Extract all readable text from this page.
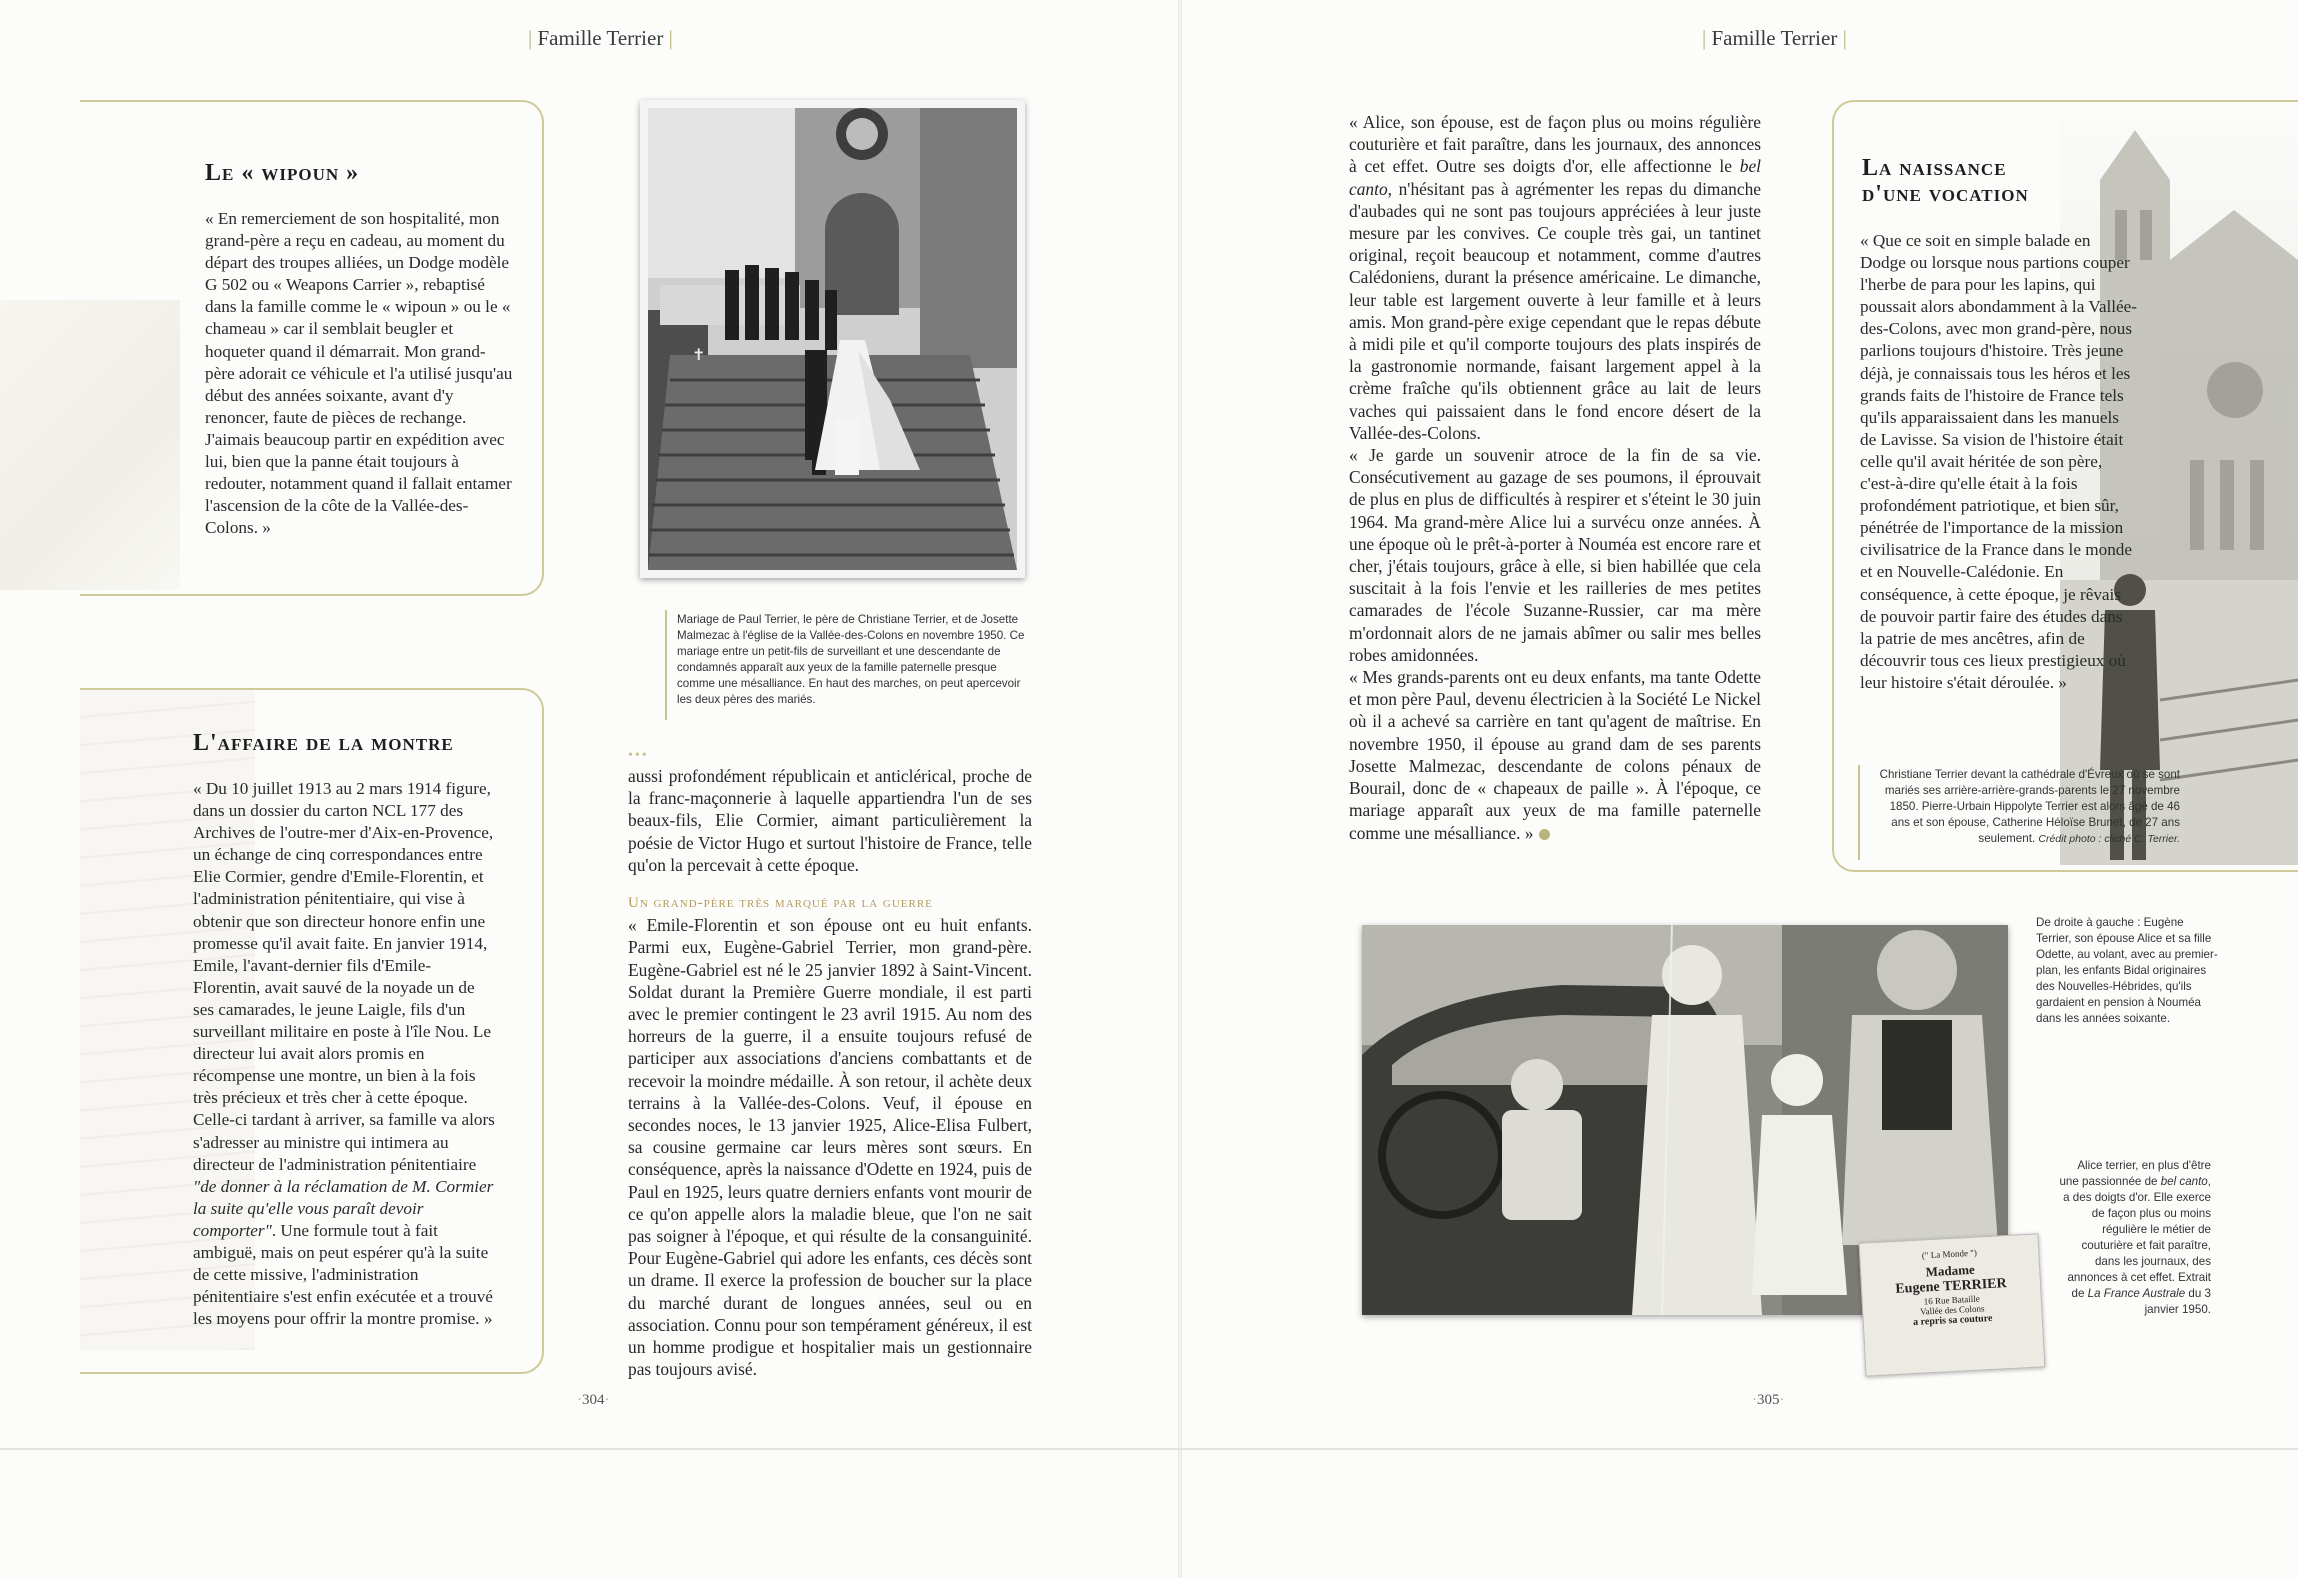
| Famille Terrier |	| Famille Terrier |
Le « wipoun »
« En remerciement de son hospitalité, mon grand-père a reçu en cadeau, au moment du départ des troupes alliées, un Dodge modèle G 502 ou « Weapons Carrier », rebaptisé dans la famille comme le « wipoun » ou le « chameau » car il semblait beugler et hoqueter quand il démarrait. Mon grand-père adorait ce véhicule et l'a utilisé jusqu'au début des années soixante, avant d'y renoncer, faute de pièces de rechange. J'aimais beaucoup partir en expédition avec lui, bien que la panne était toujours à redouter, notamment quand il fallait entamer l'ascension de la côte de la Vallée-des-Colons. »
L'affaire de la montre
« Du 10 juillet 1913 au 2 mars 1914 figure, dans un dossier du carton NCL 177 des Archives de l'outre-mer d'Aix-en-Provence, un échange de cinq correspondances entre Elie Cormier, gendre d'Emile-Florentin, et l'administration pénitentiaire, qui vise à obtenir que son directeur honore enfin une promesse qu'il avait faite. En janvier 1914, Emile, l'avant-dernier fils d'Emile-Florentin, avait sauvé de la noyade un de ses camarades, le jeune Laigle, fils d'un surveillant militaire en poste à l'île Nou. Le directeur lui avait alors promis en récompense une montre, un bien à la fois très précieux et très cher à cette époque. Celle-ci tardant à arriver, sa famille va alors s'adresser au ministre qui intimera au directeur de l'administration pénitentiaire "de donner à la réclamation de M. Cormier la suite qu'elle vous paraît devoir comporter". Une formule tout à fait ambiguë, mais on peut espérer qu'à la suite de cette missive, l'administration pénitentiaire s'est enfin exécutée et a trouvé les moyens pour offrir la montre promise. »
✝
Mariage de Paul Terrier, le père de Christiane Terrier, et de Josette Malmezac à l'église de la Vallée-des-Colons en novembre 1950. Ce mariage entre un petit-fils de surveillant et une descendante de condamnés apparaît aux yeux de la famille paternelle presque comme une mésalliance. En haut des marches, on peut apercevoir les deux pères des mariés.
•••

aussi profondément républicain et anticlérical, proche de la franc-maçonnerie à laquelle appartiendra l'un de ses beaux-fils, Elie Cormier, aimant particulièrement la poésie de Victor Hugo et surtout l'histoire de France, telle qu'on la percevait à cette époque.

Un grand-père très marqué par la guerre

« Emile-Florentin et son épouse ont eu huit enfants. Parmi eux, Eugène-Gabriel Terrier, mon grand-père. Eugène-Gabriel est né le 25 janvier 1892 à Saint-Vincent. Soldat durant la Première Guerre mondiale, il est parti avec le premier contingent le 23 avril 1915. Au nom des horreurs de la guerre, il a ensuite toujours refusé de participer aux associations d'anciens combattants et de recevoir la moindre médaille. À son retour, il achète deux terrains à la Vallée-des-Colons. Veuf, il épouse en secondes noces, le 13 janvier 1925, Alice-Elisa Fulbert, sa cousine germaine car leurs mères sont sœurs. En conséquence, après la naissance d'Odette en 1924, puis de Paul en 1925, leurs quatre derniers enfants vont mourir de ce qu'on appelle alors la maladie bleue, que l'on ne sait pas soigner à l'époque, et qui résulte de la consanguinité. Pour Eugène-Gabriel qui adore les enfants, ces décès sont un drame. Il exerce la profession de boucher sur la place du marché durant de longues années, seul ou en association. Connu pour son tempérament généreux, il est un homme prodigue et hospitalier mais un gestionnaire pas toujours avisé.

·304·

« Alice, son épouse, est de façon plus ou moins régulière couturière et fait paraître, dans les journaux, des annonces à cet effet. Outre ses doigts d'or, elle affectionne le bel canto, n'hésitant pas à agrémenter les repas du dimanche d'aubades qui ne sont pas toujours appréciées à leur juste mesure par les convives. Ce couple très gai, un tantinet original, reçoit beaucoup et notamment, comme d'autres Calédoniens, durant la présence américaine. Le dimanche, leur table est largement ouverte à leur famille et à leurs amis. Mon grand-père exige cependant que le repas débute à midi pile et qu'il comporte toujours des plats inspirés de la gastronomie normande, faisant largement appel à la crème fraîche qu'ils obtiennent grâce au lait de leurs vaches qui paissaient dans le fond encore désert de la Vallée-des-Colons.

« Je garde un souvenir atroce de la fin de sa vie. Consécutivement au gazage de ses poumons, il éprouvait de plus en plus de difficultés à respirer et s'éteint le 30 juin 1964. Ma grand-mère Alice lui a survécu onze années. À une époque où le prêt-à-porter à Nouméa est encore rare et cher, j'étais toujours, grâce à elle, si bien habillée que cela suscitait à la fois l'envie et les railleries de mes petites camarades de l'école Suzanne-Russier, car ma mère m'ordonnait alors de ne jamais abîmer ou salir mes belles robes amidonnées.

« Mes grands-parents ont eu deux enfants, ma tante Odette et mon père Paul, devenu électricien à la Société Le Nickel où il a achevé sa carrière en tant qu'agent de maîtrise. En novembre 1950, il épouse au grand dam de ses parents Josette Malmezac, descendante de colons pénaux de Bourail, donc de « chapeaux de paille ». À l'époque, ce mariage apparaît aux yeux de ma famille paternelle comme une mésalliance. »

La naissance
d'une vocation
« Que ce soit en simple balade en Dodge ou lorsque nous partions couper l'herbe de para pour les lapins, qui poussait alors abondamment à la Vallée-des-Colons, avec mon grand-père, nous parlions toujours d'histoire. Très jeune déjà, je connaissais tous les héros et les grands faits de l'histoire de France tels qu'ils apparaissaient dans les manuels de Lavisse. Sa vision de l'histoire était celle qu'il avait héritée de son père, c'est-à-dire qu'elle était à la fois profondément patriotique, et bien sûr, pénétrée de l'importance de la mission civilisatrice de la France dans le monde et en Nouvelle-Calédonie. En conséquence, à cette époque, je rêvais de pouvoir partir faire des études dans la patrie de mes ancêtres, afin de découvrir tous ces lieux prestigieux où leur histoire s'était déroulée. »
Christiane Terrier devant la cathédrale d'Évreux où se sont mariés ses arrière-arrière-grands-parents le 27 novembre 1850. Pierre-Urbain Hippolyte Terrier est alors âgé de 46 ans et son épouse, Catherine Héloïse Brunet, de 27 ans seulement. Crédit photo : cliché C. Terrier.
(" La Monde ")
Madame
Eugene TERRIER
16 Rue Bataille
Vallée des Colons
a repris sa couture
De droite à gauche : Eugène Terrier, son épouse Alice et sa fille Odette, au volant, avec au premier-plan, les enfants Bidal originaires des Nouvelles-Hébrides, qu'ils gardaient en pension à Nouméa dans les années soixante.
Alice terrier, en plus d'être une passionnée de bel canto, a des doigts d'or. Elle exerce de façon plus ou moins régulière le métier de couturière et fait paraître, dans les journaux, des annonces à cet effet. Extrait de La France Australe du 3 janvier 1950.
·305·
